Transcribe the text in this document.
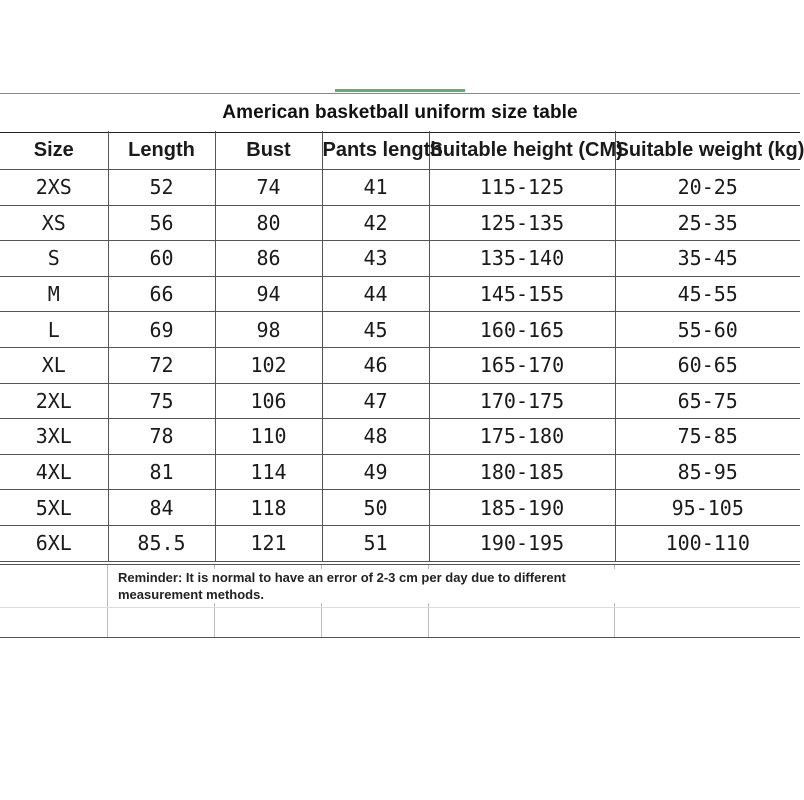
American basketball uniform size table
Size	Length	Bust	Pants length	Suitable height (CM)	Suitable weight (kg)
2XS	52	74	41	115-125	20-25
XS	56	80	42	125-135	25-35
S	60	86	43	135-140	35-45
M	66	94	44	145-155	45-55
L	69	98	45	160-165	55-60
XL	72	102	46	165-170	60-65
2XL	75	106	47	170-175	65-75
3XL	78	110	48	175-180	75-85
4XL	81	114	49	180-185	85-95
5XL	84	118	50	185-190	95-105
6XL	85.5	121	51	190-195	100-110
Reminder: It is normal to have an error of 2-3 cm per day due to different measurement methods.
